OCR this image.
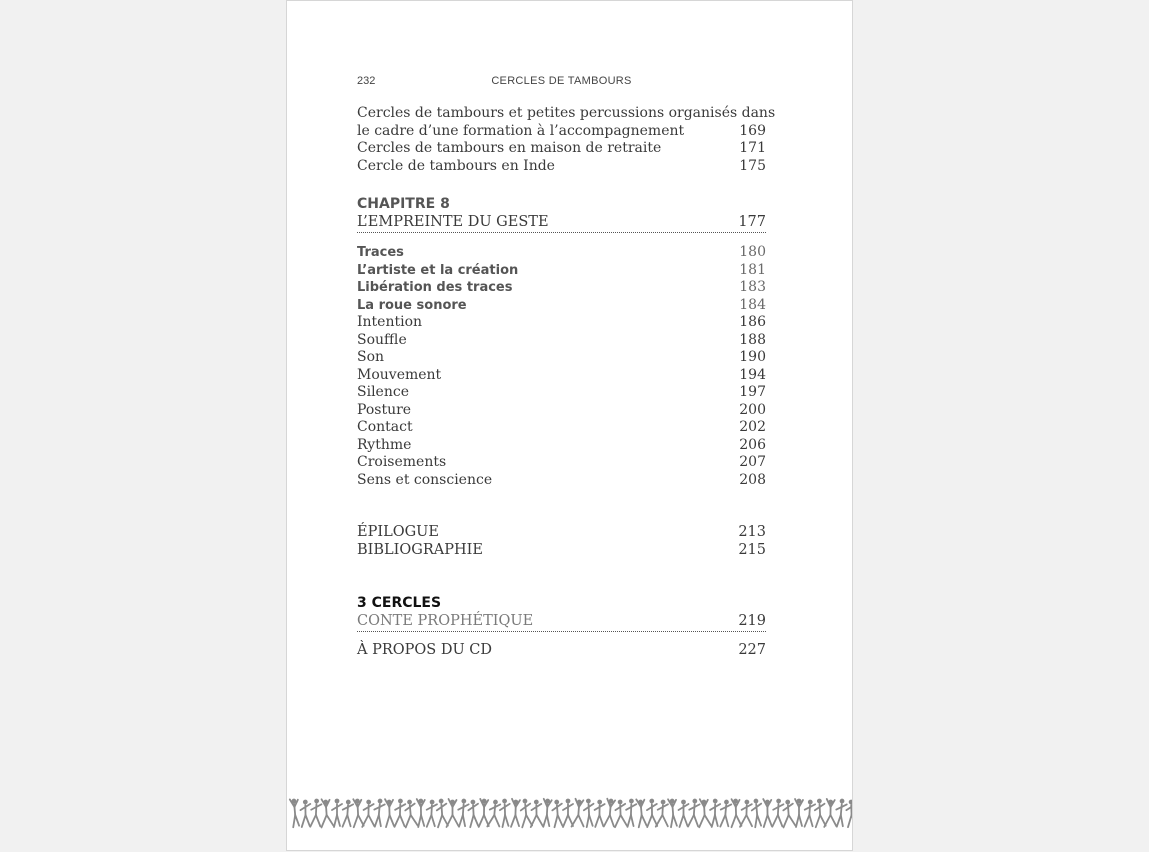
232	CERCLES DE TAMBOURS
Cercles de tambours et petites percussions organisés dans
le cadre d’une formation à l’accompagnement	169
Cercles de tambours en maison de retraite	171
Cercle de tambours en Inde	175
CHAPITRE 8
L’EMPREINTE DU GESTE	177
Traces	180
L’artiste et la création	181
Libération des traces	183
La roue sonore	184
Intention	186
Souffle	188
Son	190
Mouvement	194
Silence	197
Posture	200
Contact	202
Rythme	206
Croisements	207
Sens et conscience	208
ÉPILOGUE	213
BIBLIOGRAPHIE	215
3 CERCLES
CONTE PROPHÉTIQUE	219
À PROPOS DU CD	227
